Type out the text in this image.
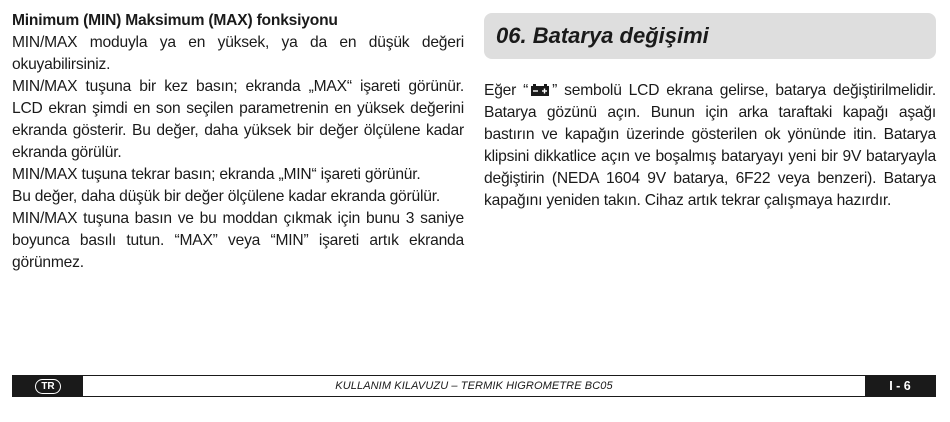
Minimum (MIN) Maksimum (MAX) fonksiyonu

MIN/MAX moduyla ya en yüksek, ya da en düşük değeri okuyabilirsiniz.

MIN/MAX tuşuna bir kez basın; ekranda „MAX“ işareti görünür. LCD ekran şimdi en son seçilen parametrenin en yüksek değerini ekranda gösterir. Bu değer, daha yüksek bir değer ölçülene kadar ekranda görülür.

MIN/MAX tuşuna tekrar basın; ekranda „MIN“ işareti görünür.

Bu değer, daha düşük bir değer ölçülene kadar ekranda görülür.

MIN/MAX tuşuna basın ve bu moddan çıkmak için bunu 3 saniye boyunca basılı tutun. “MAX” veya “MIN” işareti artık ekranda görünmez.

06. Batarya değişimi

Eğer “ ” sembolü LCD ekrana gelirse, batarya değiştirilmelidir. Batarya gözünü açın. Bunun için arka taraftaki kapağı aşağı bastırın ve kapağın üzerinde gösterilen ok yönünde itin. Batarya klipsini dikkatlice açın ve boşalmış bataryayı yeni bir 9V bataryayla değiştirin (NEDA 1604 9V batarya, 6F22 veya benzeri). Batarya kapağını yeniden takın. Cihaz artık tekrar çalışmaya hazırdır.

TR	KULLANIM KILAVUZU – TERMIK HIGROMETRE BC05	I - 6
